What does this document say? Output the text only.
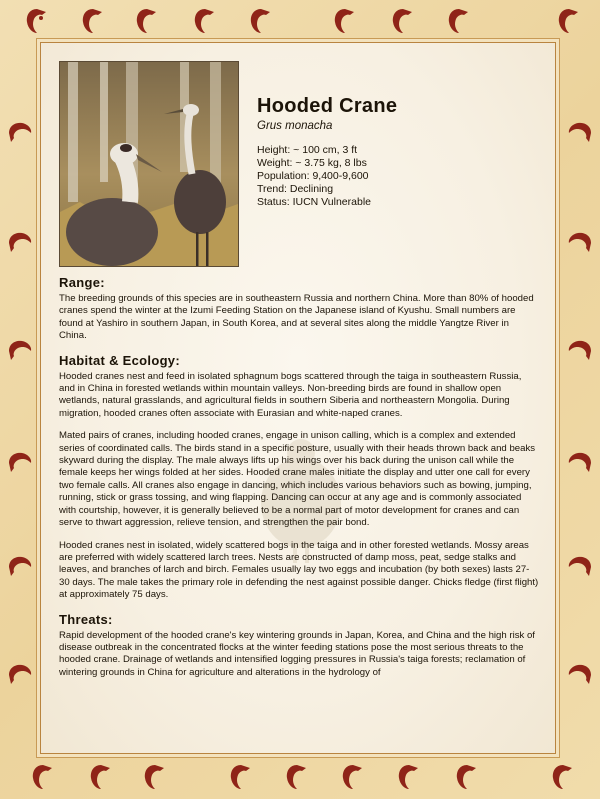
Hooded Crane

Grus monacha

Height: ~ 100 cm, 3 ft

Weight: ~ 3.75 kg, 8 lbs

Population: 9,400-9,600

Trend: Declining

Status: IUCN Vulnerable

Range:

The breeding grounds of this species are in southeastern Russia and northern China. More than 80% of hooded cranes spend the winter at the Izumi Feeding Station on the Japanese island of Kyushu. Small numbers are found at Yashiro in southern Japan, in South Korea, and at several sites along the middle Yangtze River in China.

Habitat & Ecology:

Hooded cranes nest and feed in isolated sphagnum bogs scattered through the taiga in southeastern Russia, and in China in forested wetlands within mountain valleys. Non-breeding birds are found in shallow open wetlands, natural grasslands, and agricultural fields in southern Siberia and northeastern Mongolia. During migration, hooded cranes often associate with Eurasian and white-naped cranes.

Mated pairs of cranes, including hooded cranes, engage in unison calling, which is a complex and extended series of coordinated calls. The birds stand in a specific posture, usually with their heads thrown back and beaks skyward during the display. The male always lifts up his wings over his back during the unison call while the female keeps her wings folded at her sides. Hooded crane males initiate the display and utter one call for every two female calls. All cranes also engage in dancing, which includes various behaviors such as bowing, jumping, running, stick or grass tossing, and wing flapping. Dancing can occur at any age and is commonly associated with courtship, however, it is generally believed to be a normal part of motor development for cranes and can serve to thwart aggression, relieve tension, and strengthen the pair bond.

Hooded cranes nest in isolated, widely scattered bogs in the taiga and in other forested wetlands. Mossy areas are preferred with widely scattered larch trees. Nests are constructed of damp moss, peat, sedge stalks and leaves, and branches of larch and birch. Females usually lay two eggs and incubation (by both sexes) lasts 27-30 days. The male takes the primary role in defending the nest against possible danger. Chicks fledge (first flight) at approximately 75 days.

Threats:

Rapid development of the hooded crane's key wintering grounds in Japan, Korea, and China and the high risk of disease outbreak in the concentrated flocks at the winter feeding stations pose the most serious threats to the hooded crane. Drainage of wetlands and intensified logging pressures in Russia's taiga forests; reclamation of wintering grounds in China for agriculture and alterations in the hydrology of
